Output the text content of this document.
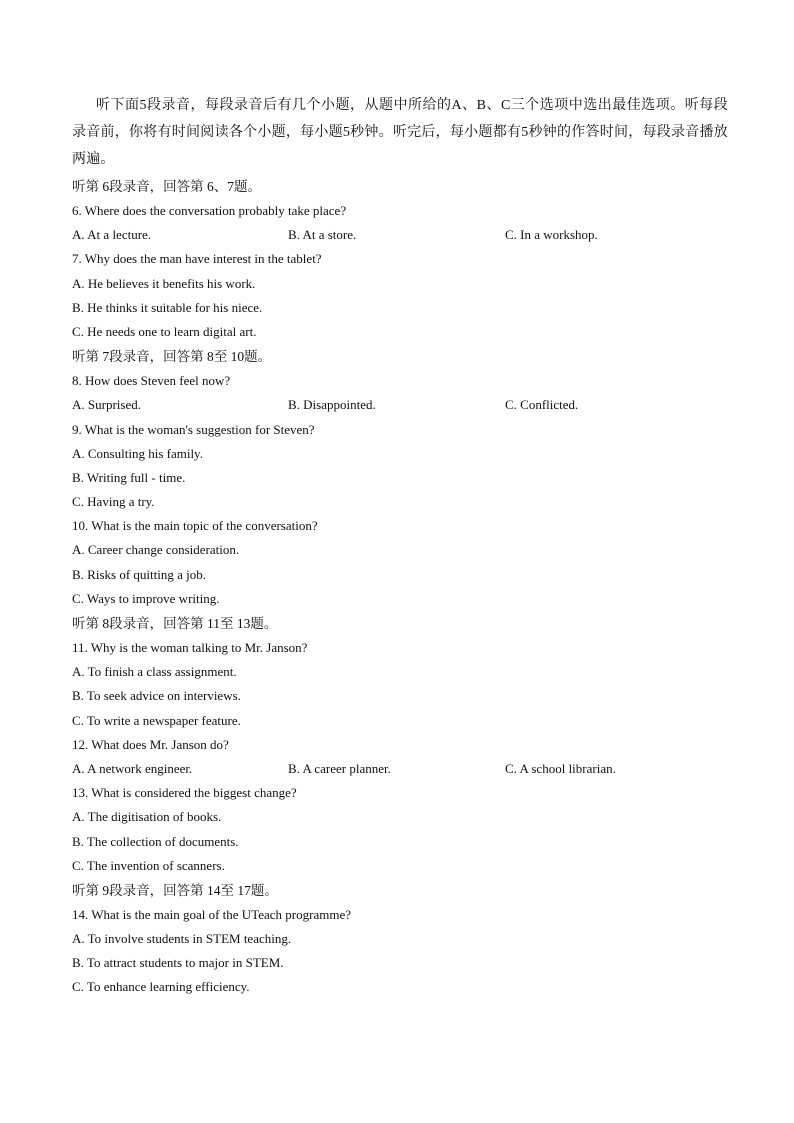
听下面5段录音，每段录音后有几个小题，从题中所给的A、B、C三个选项中选出最佳选项。听每段录音前，你将有时间阅读各个小题，每小题5秒钟。听完后，每小题都有5秒钟的作答时间，每段录音播放两遍。

听第 6段录音，回答第 6、7题。
6. Where does the conversation probably take place?
A. At a lecture.	B. At a store.	C. In a workshop.
7. Why does the man have interest in the tablet?
A. He believes it benefits his work.
B. He thinks it suitable for his niece.
C. He needs one to learn digital art.
听第 7段录音，回答第 8至 10题。
8. How does Steven feel now?
A. Surprised.	B. Disappointed.	C. Conflicted.
9. What is the woman's suggestion for Steven?
A. Consulting his family.
B. Writing full - time.
C. Having a try.
10. What is the main topic of the conversation?
A. Career change consideration.
B. Risks of quitting a job.
C. Ways to improve writing.
听第 8段录音，回答第 11至 13题。
11. Why is the woman talking to Mr. Janson?
A. To finish a class assignment.
B. To seek advice on interviews.
C. To write a newspaper feature.
12. What does Mr. Janson do?
A. A network engineer.	B. A career planner.	C. A school librarian.
13. What is considered the biggest change?
A. The digitisation of books.
B. The collection of documents.
C. The invention of scanners.
听第 9段录音，回答第 14至 17题。
14. What is the main goal of the UTeach programme?
A. To involve students in STEM teaching.
B. To attract students to major in STEM.
C. To enhance learning efficiency.
